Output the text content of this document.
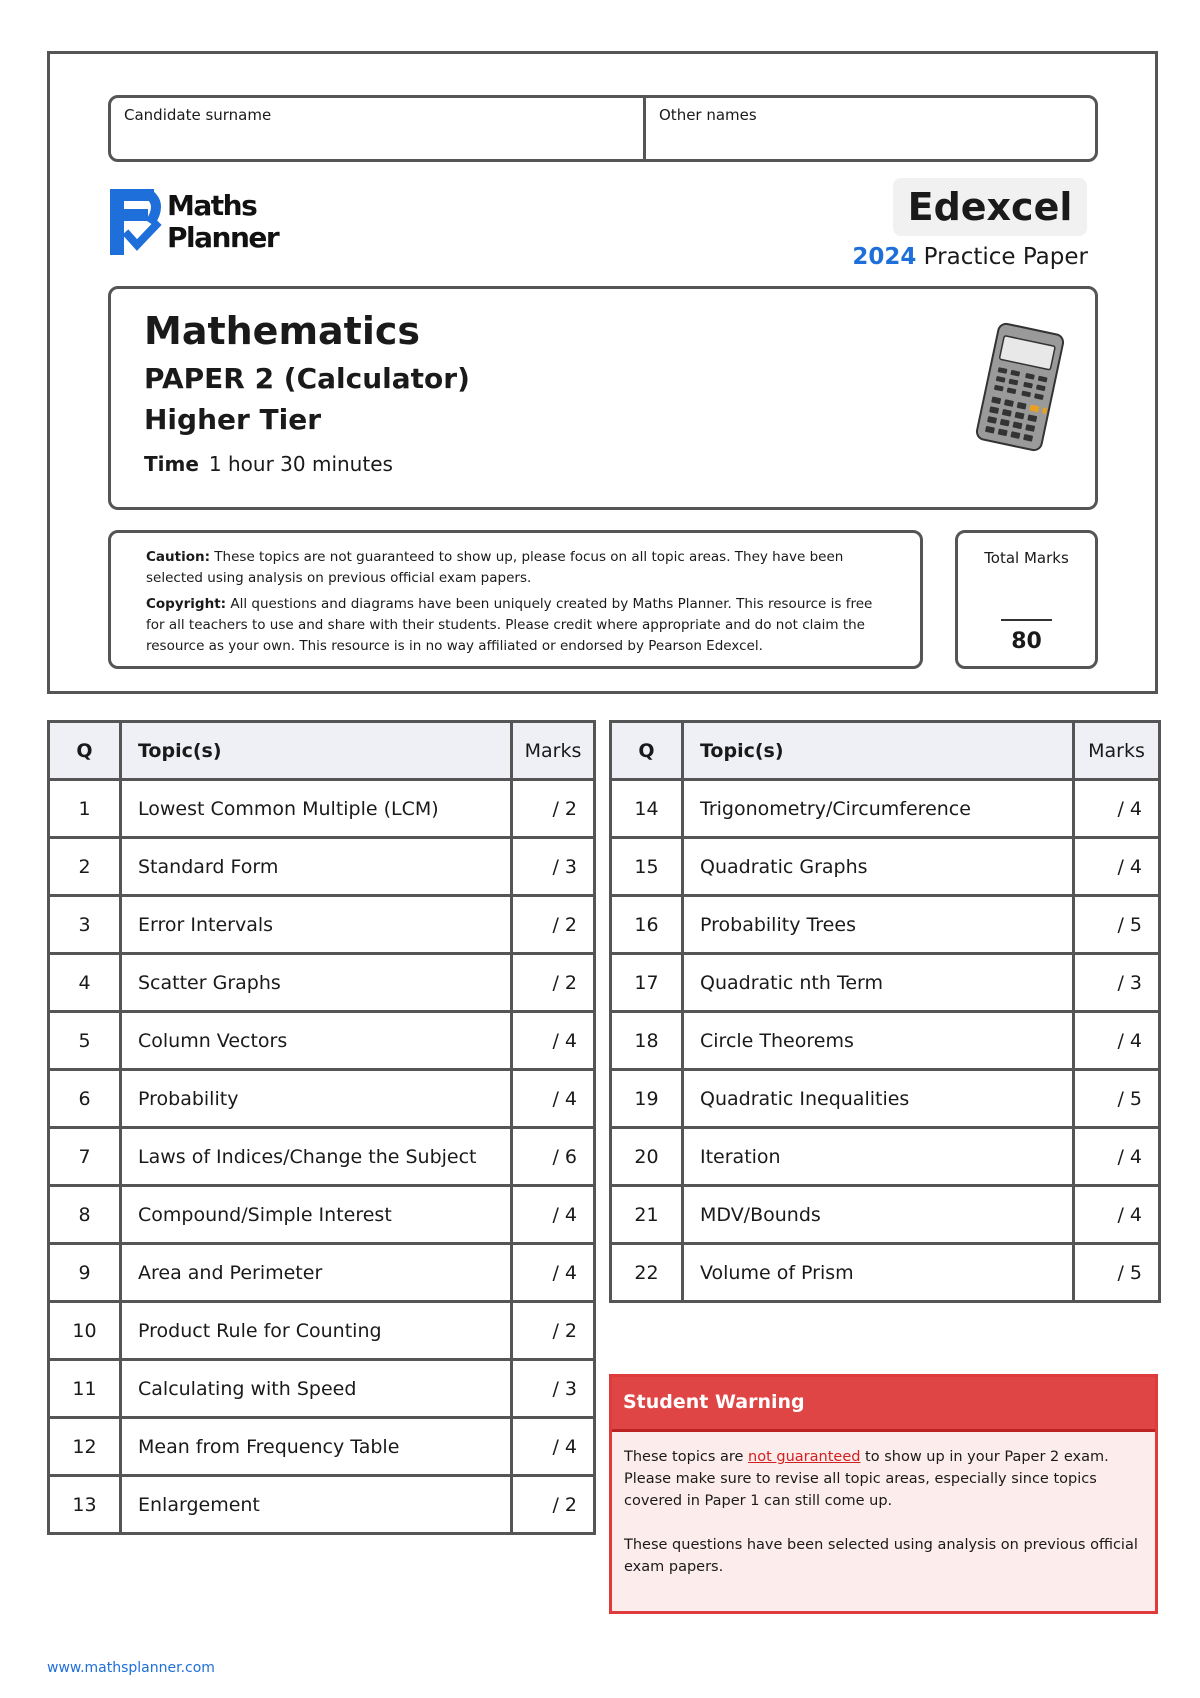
Candidate surname	Other names
Maths
Planner
Edexcel
2024 Practice Paper
Mathematics
PAPER 2 (Calculator)
Higher Tier
Time 1 hour 30 minutes

Caution: These topics are not guaranteed to show up, please focus on all topic areas. They have been selected using analysis on previous official exam papers.

Copyright: All questions and diagrams have been uniquely created by Maths Planner. This resource is free for all teachers to use and share with their students. Please credit where appropriate and do not claim the resource as your own. This resource is in no way affiliated or endorsed by Pearson Edexcel.

Total Marks
80
Q	Topic(s)	Marks
1	Lowest Common Multiple (LCM)	/ 2
2	Standard Form	/ 3
3	Error Intervals	/ 2
4	Scatter Graphs	/ 2
5	Column Vectors	/ 4
6	Probability	/ 4
7	Laws of Indices/Change the Subject	/ 6
8	Compound/Simple Interest	/ 4
9	Area and Perimeter	/ 4
10	Product Rule for Counting	/ 2
11	Calculating with Speed	/ 3
12	Mean from Frequency Table	/ 4
13	Enlargement	/ 2
Q	Topic(s)	Marks
14	Trigonometry/Circumference	/ 4
15	Quadratic Graphs	/ 4
16	Probability Trees	/ 5
17	Quadratic nth Term	/ 3
18	Circle Theorems	/ 4
19	Quadratic Inequalities	/ 5
20	Iteration	/ 4
21	MDV/Bounds	/ 4
22	Volume of Prism	/ 5
Student Warning

These topics are not guaranteed to show up in your Paper 2 exam. Please make sure to revise all topic areas, especially since topics covered in Paper 1 can still come up.

These questions have been selected using analysis on previous official exam papers.

www.mathsplanner.com
